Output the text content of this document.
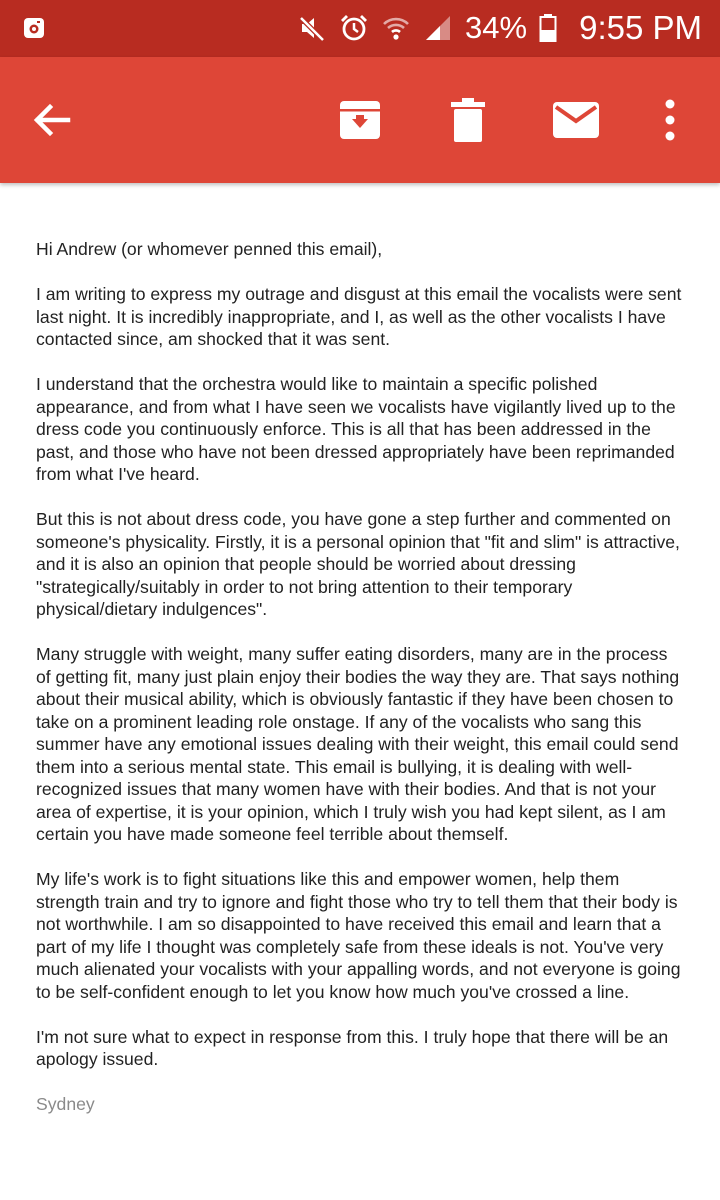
34% 9:55 PM

Hi Andrew (or whomever penned this email),

I am writing to express my outrage and disgust at this email the vocalists were sent last night. It is incredibly inappropriate, and I, as well as the other vocalists I have contacted since, am shocked that it was sent.

I understand that the orchestra would like to maintain a specific polished appearance, and from what I have seen we vocalists have vigilantly lived up to the dress code you continuously enforce. This is all that has been addressed in the past, and those who have not been dressed appropriately have been reprimanded from what I've heard.

But this is not about dress code, you have gone a step further and commented on someone's physicality. Firstly, it is a personal opinion that "fit and slim" is attractive, and it is also an opinion that people should be worried about dressing "strategically/suitably in order to not bring attention to their temporary physical/dietary indulgences".

Many struggle with weight, many suffer eating disorders, many are in the process of getting fit, many just plain enjoy their bodies the way they are. That says nothing about their musical ability, which is obviously fantastic if they have been chosen to take on a prominent leading role onstage. If any of the vocalists who sang this summer have any emotional issues dealing with their weight, this email could send them into a serious mental state. This email is bullying, it is dealing with well-recognized issues that many women have with their bodies. And that is not your area of expertise, it is your opinion, which I truly wish you had kept silent, as I am certain you have made someone feel terrible about themself.

My life's work is to fight situations like this and empower women, help them strength train and try to ignore and fight those who try to tell them that their body is not worthwhile. I am so disappointed to have received this email and learn that a part of my life I thought was completely safe from these ideals is not. You've very much alienated your vocalists with your appalling words, and not everyone is going to be self-confident enough to let you know how much you've crossed a line.

I'm not sure what to expect in response from this. I truly hope that there will be an apology issued.

Sydney
